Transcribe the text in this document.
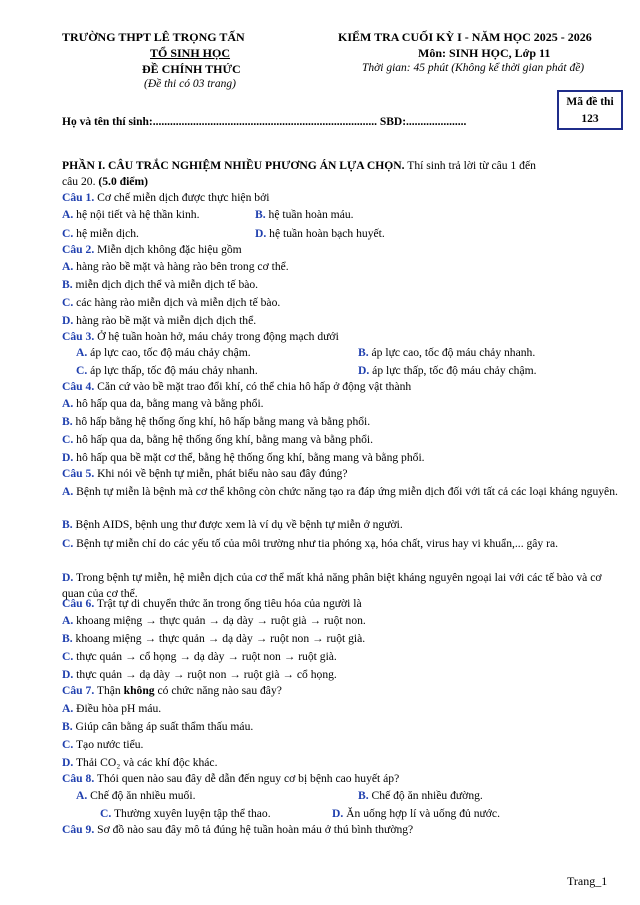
TRƯỜNG THPT LÊ TRỌNG TẤN
TỔ SINH HỌC
ĐỀ CHÍNH THỨC
(Đề thi có 03 trang)
KIỂM TRA CUỐI KỲ I - NĂM HỌC 2025 - 2026
Môn: SINH HỌC, Lớp 11
Thời gian: 45 phút (Không kể thời gian phát đề)
Mã đề thi
123
Họ và tên thí sinh:.............................................................................. SBD:.....................
PHẦN I. CÂU TRẮC NGHIỆM NHIỀU PHƯƠNG ÁN LỰA CHỌN. Thí sinh trả lời từ câu 1 đến
câu 20. (5.0 điểm)
Câu 1. Cơ chế miễn dịch được thực hiện bởi
A. hệ nội tiết và hệ thần kinh.	B. hệ tuần hoàn máu.
C. hệ miễn dịch.	D. hệ tuần hoàn bạch huyết.
Câu 2. Miễn dịch không đặc hiệu gồm
A. hàng rào bề mặt và hàng rào bên trong cơ thể.
B. miễn dịch dịch thể và miễn dịch tế bào.
C. các hàng rào miễn dịch và miễn dịch tế bào.
D. hàng rào bề mặt và miễn dịch dịch thể.
Câu 3. Ở hệ tuần hoàn hở, máu chảy trong động mạch dưới
A. áp lực cao, tốc độ máu chảy chậm.	B. áp lực cao, tốc độ máu chảy nhanh.
C. áp lực thấp, tốc độ máu chảy nhanh.	D. áp lực thấp, tốc độ máu chảy chậm.
Câu 4. Căn cứ vào bề mặt trao đổi khí, có thể chia hô hấp ở động vật thành
A. hô hấp qua da, bằng mang và bằng phổi.
B. hô hấp bằng hệ thống ống khí, hô hấp bằng mang và bằng phổi.
C. hô hấp qua da, bằng hệ thống ống khí, bằng mang và bằng phổi.
D. hô hấp qua bề mặt cơ thể, bằng hệ thống ống khí, bằng mang và bằng phổi.
Câu 5. Khi nói về bệnh tự miễn, phát biểu nào sau đây đúng?
A. Bệnh tự miễn là bệnh mà cơ thể không còn chức năng tạo ra đáp ứng miễn dịch đối với tất cả các loại kháng nguyên.
B. Bệnh AIDS, bệnh ung thư được xem là ví dụ về bệnh tự miễn ở người.
C. Bệnh tự miễn chỉ do các yếu tố của môi trường như tia phóng xạ, hóa chất, virus hay vi khuẩn,... gây ra.
D. Trong bệnh tự miễn, hệ miễn dịch của cơ thể mất khả năng phân biệt kháng nguyên ngoại lai với các tế bào và cơ quan của cơ thể.
Câu 6. Trật tự di chuyển thức ăn trong ống tiêu hóa của người là
A. khoang miệng → thực quản → dạ dày → ruột già → ruột non.
B. khoang miệng → thực quản → dạ dày → ruột non → ruột già.
C. thực quản → cổ họng → dạ dày → ruột non → ruột già.
D. thực quản → dạ dày → ruột non → ruột già → cổ họng.
Câu 7. Thận không có chức năng nào sau đây?
A. Điều hòa pH máu.
B. Giúp cân bằng áp suất thẩm thấu máu.
C. Tạo nước tiểu.
D. Thải CO₂ và các khí độc khác.
Câu 8. Thói quen nào sau đây dễ dẫn đến nguy cơ bị bệnh cao huyết áp?
A. Chế độ ăn nhiều muối.	B. Chế độ ăn nhiều đường.
C. Thường xuyên luyện tập thể thao.	D. Ăn uống hợp lí và uống đủ nước.
Câu 9. Sơ đồ nào sau đây mô tả đúng hệ tuần hoàn máu ở thú bình thường?
Trang_1
